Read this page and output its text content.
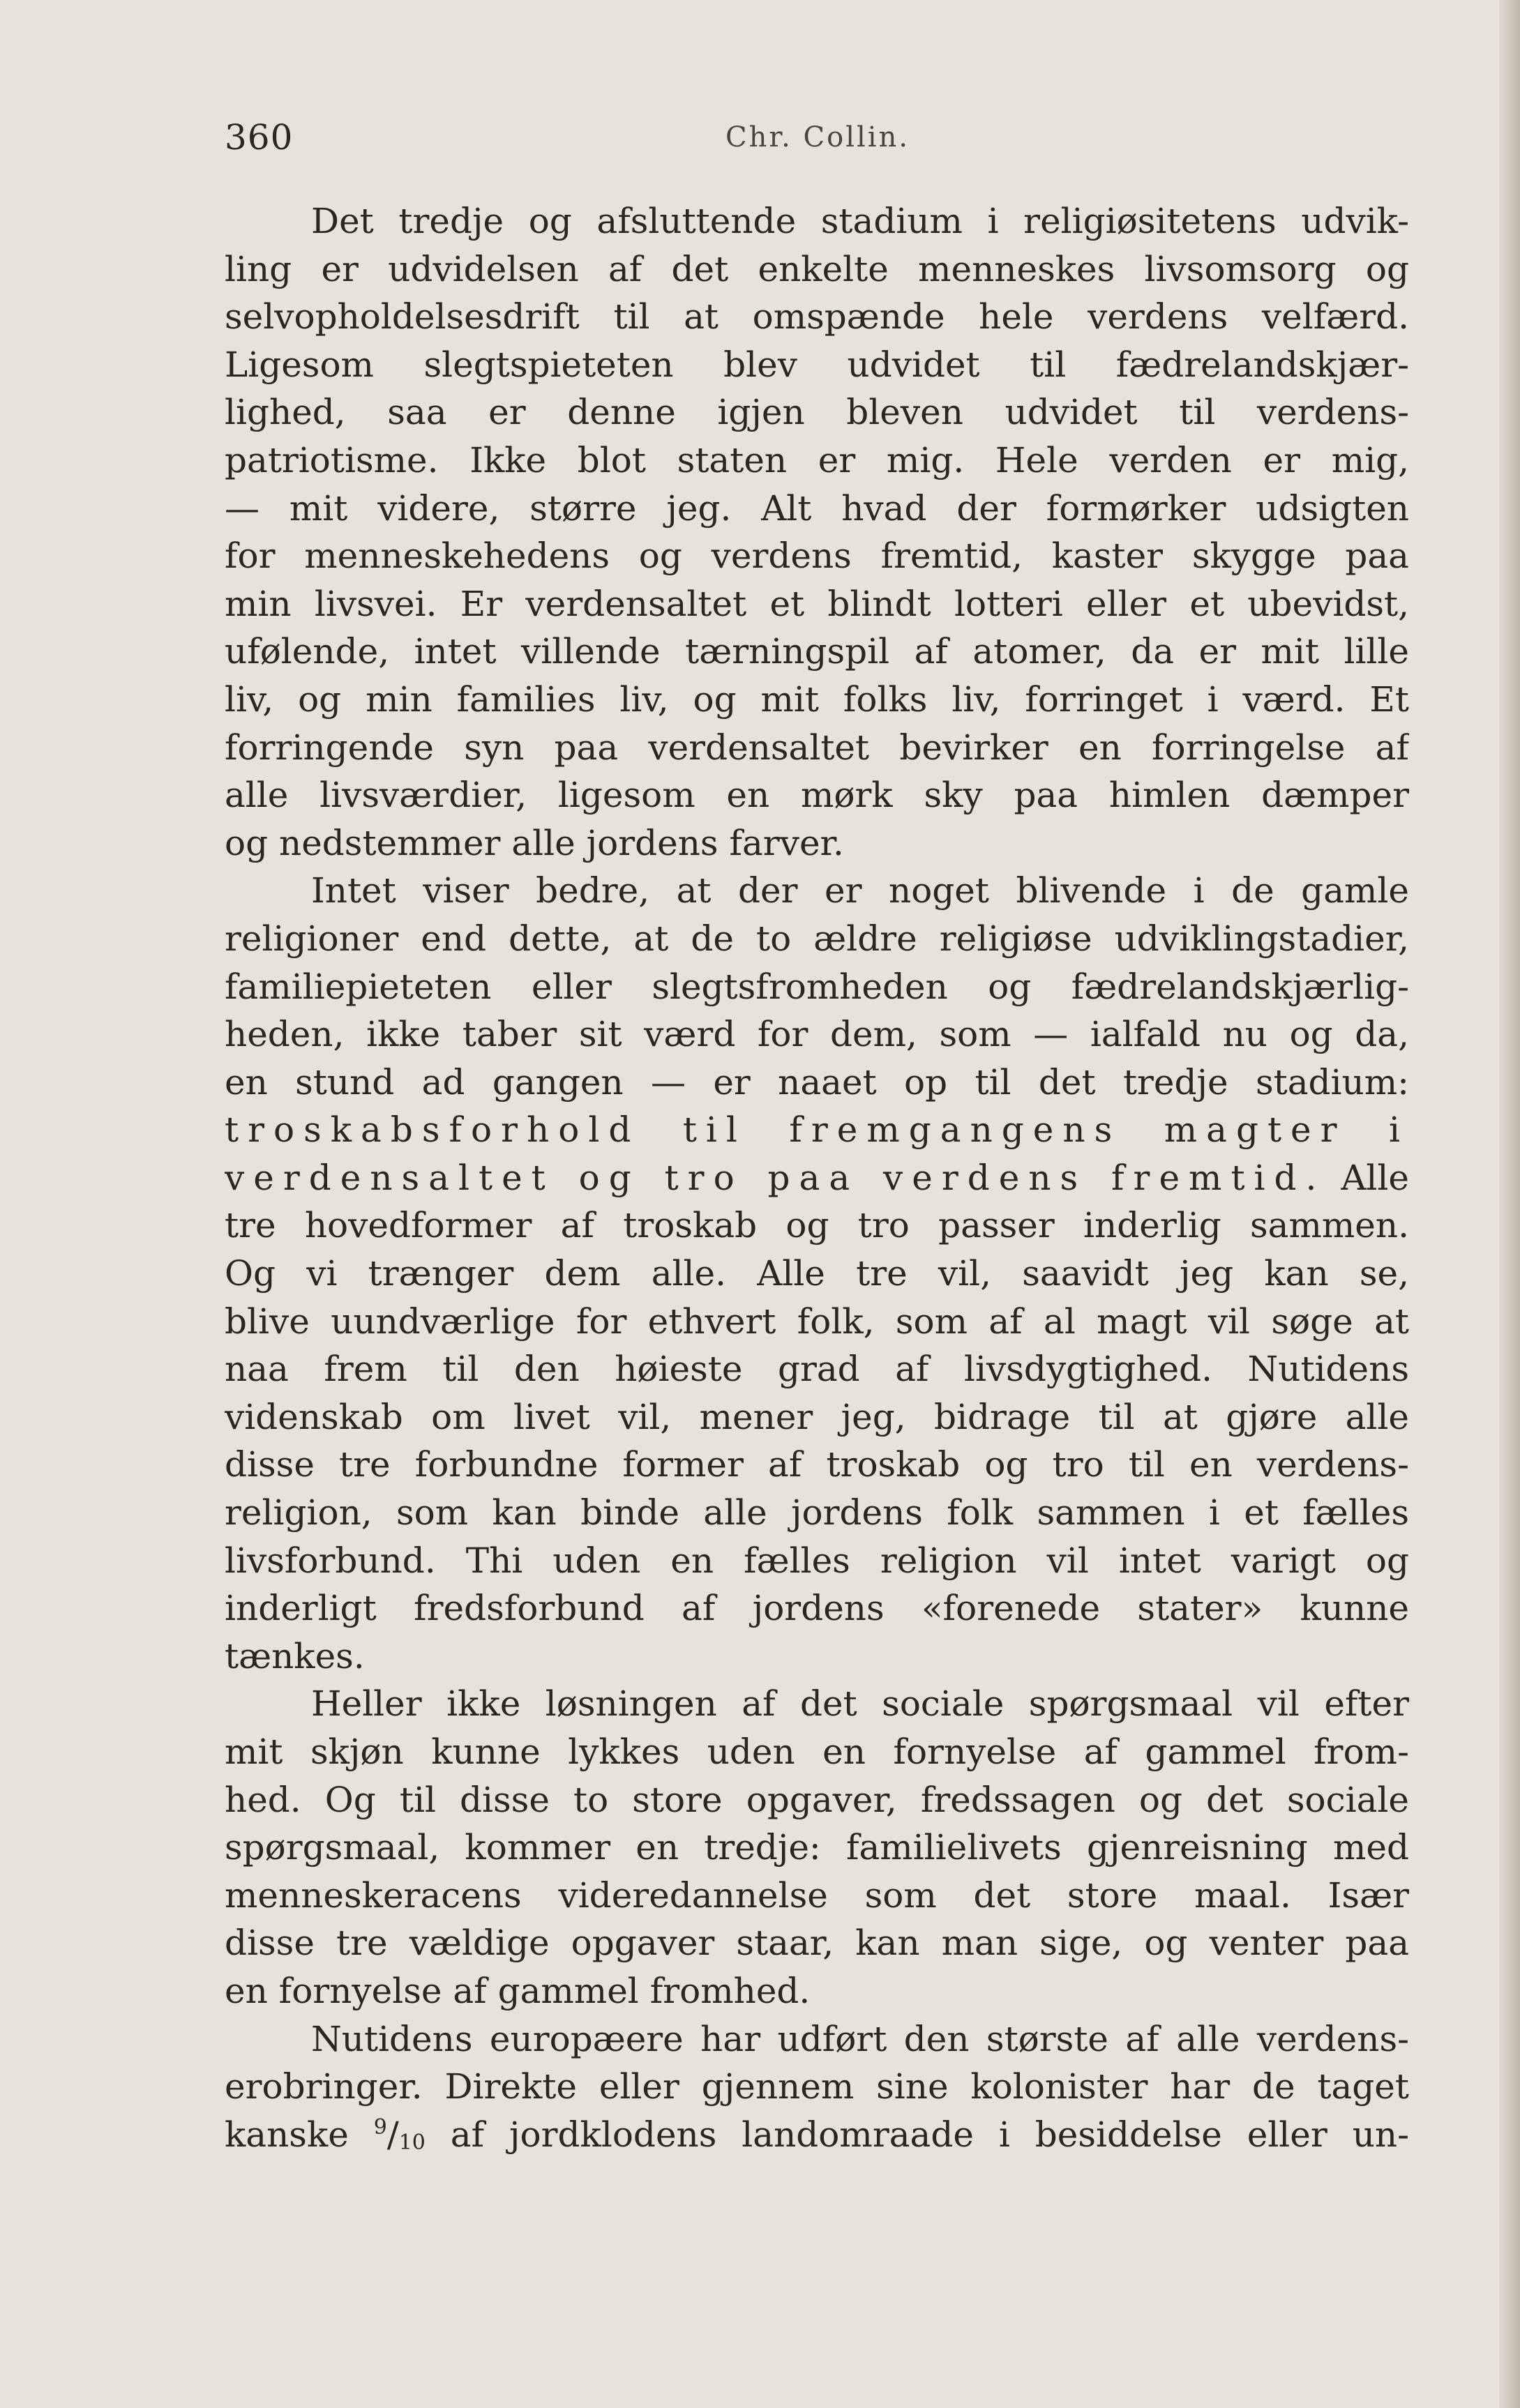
360	Chr. Collin.
Det tredje og afsluttende stadium i religiøsitetens udvik-
ling er udvidelsen af det enkelte menneskes livsomsorg og
selvopholdelsesdrift til at omspænde hele verdens velfærd.
Ligesom slegtspieteten blev udvidet til fædrelandskjær-
lighed, saa er denne igjen bleven udvidet til verdens-
patriotisme. Ikke blot staten er mig. Hele verden er mig,
— mit videre, større jeg. Alt hvad der formørker udsigten
for menneskehedens og verdens fremtid, kaster skygge paa
min livsvei. Er verdensaltet et blindt lotteri eller et ubevidst,
ufølende, intet villende tærningspil af atomer, da er mit lille
liv, og min families liv, og mit folks liv, forringet i værd. Et
forringende syn paa verdensaltet bevirker en forringelse af
alle livsværdier, ligesom en mørk sky paa himlen dæmper
og nedstemmer alle jordens farver.
Intet viser bedre, at der er noget blivende i de gamle
religioner end dette, at de to ældre religiøse udviklingstadier,
familiepieteten eller slegtsfromheden og fædrelandskjærlig-
heden, ikke taber sit værd for dem, som — ialfald nu og da,
en stund ad gangen — er naaet op til det tredje stadium:
troskabsforhold til fremgangens magter i
verdensaltet og tro paa verdens fremtid. Alle
tre hovedformer af troskab og tro passer inderlig sammen.
Og vi trænger dem alle. Alle tre vil, saavidt jeg kan se,
blive uundværlige for ethvert folk, som af al magt vil søge at
naa frem til den høieste grad af livsdygtighed. Nutidens
videnskab om livet vil, mener jeg, bidrage til at gjøre alle
disse tre forbundne former af troskab og tro til en verdens-
religion, som kan binde alle jordens folk sammen i et fælles
livsforbund. Thi uden en fælles religion vil intet varigt og
inderligt fredsforbund af jordens «forenede stater» kunne
tænkes.
Heller ikke løsningen af det sociale spørgsmaal vil efter
mit skjøn kunne lykkes uden en fornyelse af gammel from-
hed. Og til disse to store opgaver, fredssagen og det sociale
spørgsmaal, kommer en tredje: familielivets gjenreisning med
menneskeracens videredannelse som det store maal. Især
disse tre vældige opgaver staar, kan man sige, og venter paa
en fornyelse af gammel fromhed.
Nutidens europæere har udført den største af alle verdens-
erobringer. Direkte eller gjennem sine kolonister har de taget
kanske $^9/_{10}$ af jordklodens landomraade i besiddelse eller un-
